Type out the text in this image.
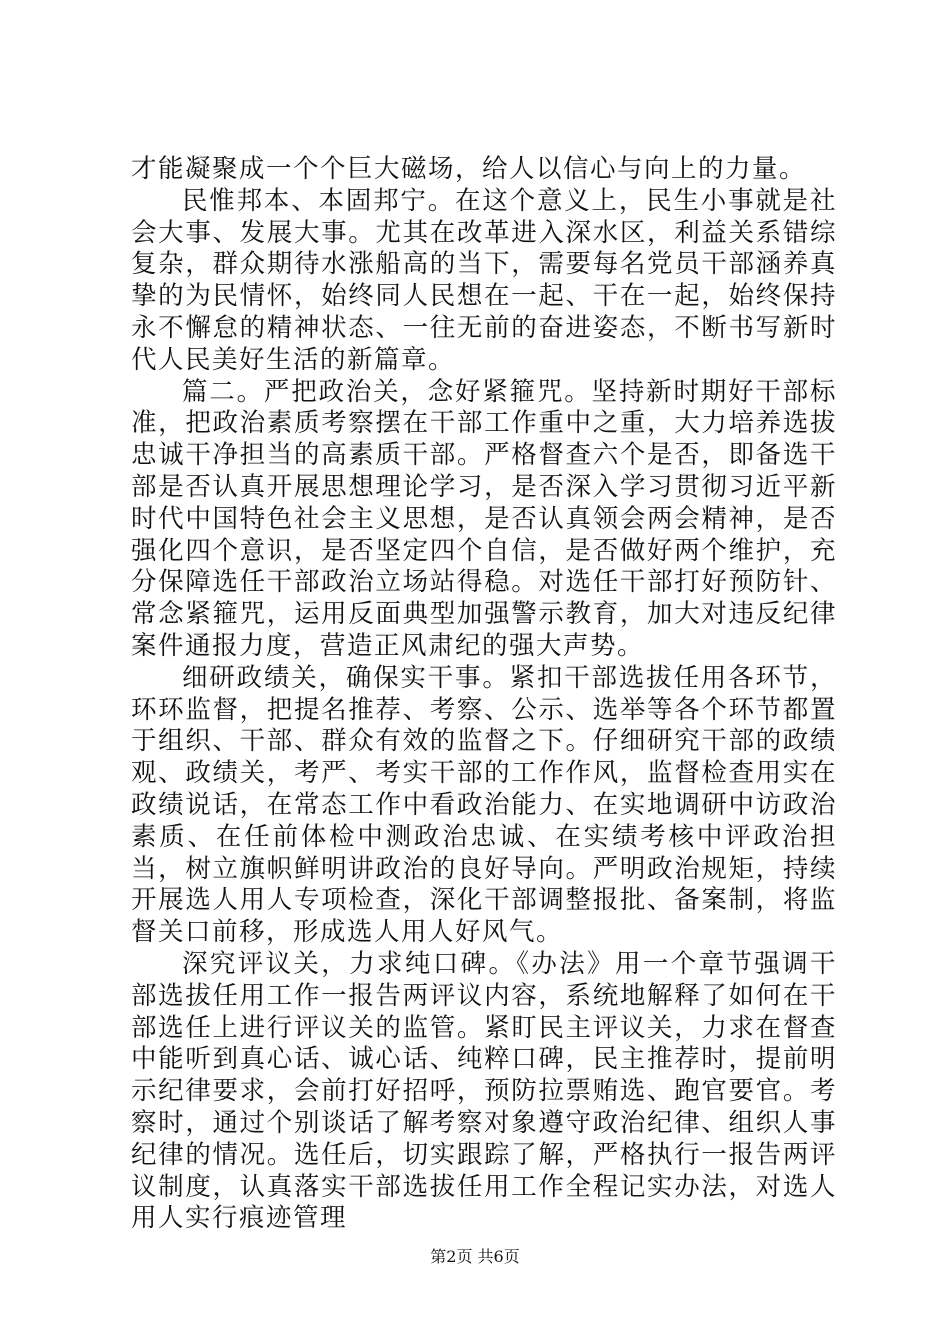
才能凝聚成一个个巨大磁场，给人以信心与向上的力量。

民惟邦本、本固邦宁。在这个意义上，民生小事就是社会大事、发展大事。尤其在改革进入深水区，利益关系错综复杂，群众期待水涨船高的当下，需要每名党员干部涵养真挚的为民情怀，始终同人民想在一起、干在一起，始终保持永不懈怠的精神状态、一往无前的奋进姿态，不断书写新时代人民美好生活的新篇章。

篇二。严把政治关，念好紧箍咒。坚持新时期好干部标准，把政治素质考察摆在干部工作重中之重，大力培养选拔忠诚干净担当的高素质干部。严格督查六个是否，即备选干部是否认真开展思想理论学习，是否深入学习贯彻习近平新时代中国特色社会主义思想，是否认真领会两会精神，是否强化四个意识，是否坚定四个自信，是否做好两个维护，充分保障选任干部政治立场站得稳。对选任干部打好预防针、常念紧箍咒，运用反面典型加强警示教育，加大对违反纪律案件通报力度，营造正风肃纪的强大声势。

细研政绩关，确保实干事。紧扣干部选拔任用各环节，环环监督，把提名推荐、考察、公示、选举等各个环节都置于组织、干部、群众有效的监督之下。仔细研究干部的政绩观、政绩关，考严、考实干部的工作作风，监督检查用实在政绩说话，在常态工作中看政治能力、在实地调研中访政治素质、在任前体检中测政治忠诚、在实绩考核中评政治担当，树立旗帜鲜明讲政治的良好导向。严明政治规矩，持续开展选人用人专项检查，深化干部调整报批、备案制，将监督关口前移，形成选人用人好风气。

深究评议关，力求纯口碑。《办法》用一个章节强调干部选拔任用工作一报告两评议内容，系统地解释了如何在干部选任上进行评议关的监管。紧盯民主评议关，力求在督查中能听到真心话、诚心话、纯粹口碑，民主推荐时，提前明示纪律要求，会前打好招呼，预防拉票贿选、跑官要官。考察时，通过个别谈话了解考察对象遵守政治纪律、组织人事纪律的情况。选任后，切实跟踪了解，严格执行一报告两评议制度，认真落实干部选拔任用工作全程记实办法，对选人用人实行痕迹管理

第2页 共6页
